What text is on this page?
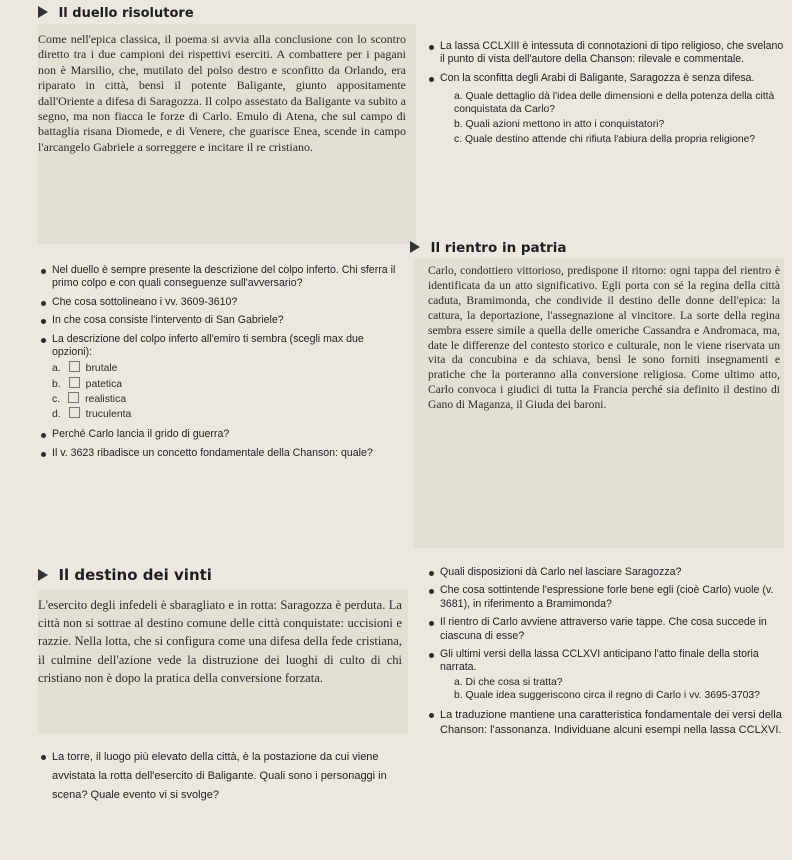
Il duello risolutore
Come nell'epica classica, il poema si avvia alla conclusione con lo scontro diretto tra i due campioni dei rispettivi eserciti. A combattere per i pagani non è Marsilio, che, mutilato del polso destro e sconfitto da Orlando, era riparato in città, bensì il potente Baligante, giunto appositamente dall'Oriente a difesa di Saragozza. Il colpo assestato da Baligante va subito a segno, ma non fiacca le forze di Carlo. Emulo di Atena, che sul campo di battaglia risana Diomede, e di Venere, che guarisce Enea, scende in campo l'arcangelo Gabriele a sorreggere e incitare il re cristiano.
La lassa CCLXIII è intessuta di connotazioni di tipo religioso, che svelano il punto di vista dell'autore della Chanson: rilevale e commentale.
Con la sconfitta degli Arabi di Baligante, Saragozza è senza difesa.
a. Quale dettaglio dà l'idea delle dimensioni e della potenza della città conquistata da Carlo?
b. Quali azioni mettono in atto i conquistatori?
c. Quale destino attende chi rifiuta l'abiura della propria religione?
Nel duello è sempre presente la descrizione del colpo inferto. Chi sferra il primo colpo e con quali conseguenze sull'avversario?
Che cosa sottolineano i vv. 3609-3610?
In che cosa consiste l'intervento di San Gabriele?
La descrizione del colpo inferto all'emiro ti sembra (scegli max due opzioni):
a. brutale
b. patetica
c. realistica
d. truculenta
Perché Carlo lancia il grido di guerra?
Il v. 3623 ribadisce un concetto fondamentale della Chanson: quale?
Il rientro in patria
Carlo, condottiero vittorioso, predispone il ritorno: ogni tappa del rientro è identificata da un atto significativo. Egli porta con sé la regina della città caduta, Bramimonda, che condivide il destino delle donne dell'epica: la cattura, la deportazione, l'assegnazione al vincitore. La sorte della regina sembra essere simile a quella delle omeriche Cassandra e Andromaca, ma, date le differenze del contesto storico e culturale, non le viene riservata un vita da concubina e da schiava, bensì le sono forniti insegnamenti e pratiche che la porteranno alla conversione religiosa. Come ultimo atto, Carlo convoca i giudici di tutta la Francia perché sia definito il destino di Gano di Maganza, il Giuda dei baroni.
Il destino dei vinti
L'esercito degli infedeli è sbaragliato e in rotta: Saragozza è perduta. La città non si sottrae al destino comune delle città conquistate: uccisioni e razzie. Nella lotta, che si configura come una difesa della fede cristiana, il culmine dell'azione vede la distruzione dei luoghi di culto di chi cristiano non è dopo la pratica della conversione forzata.
La torre, il luogo più elevato della città, è la postazione da cui viene avvistata la rotta dell'esercito di Baligante. Quali sono i personaggi in scena? Quale evento vi si svolge?
Quali disposizioni dà Carlo nel lasciare Saragozza?
Che cosa sottintende l'espressione forle bene egli (cioè Carlo) vuole (v. 3681), in riferimento a Bramimonda?
Il rientro di Carlo avviene attraverso varie tappe. Che cosa succede in ciascuna di esse?
Gli ultimi versi della lassa CCLXVI anticipano l'atto finale della storia narrata.
a. Di che cosa si tratta?
b. Quale idea suggeriscono circa il regno di Carlo i vv. 3695-3703?
La traduzione mantiene una caratteristica fondamentale dei versi della Chanson: l'assonanza. Individuane alcuni esempi nella lassa CCLXVI.
